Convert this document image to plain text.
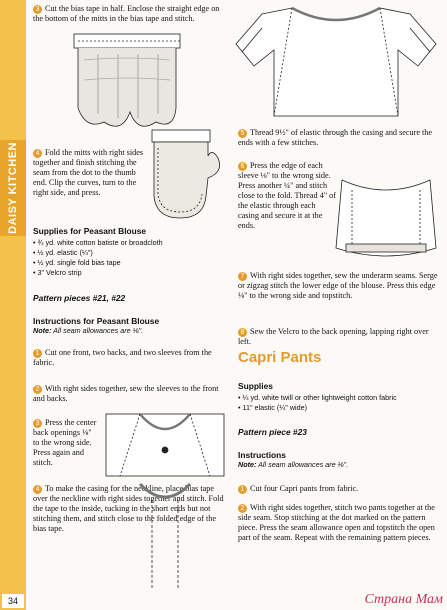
DAISY KITCHEN
34
3 Cut the bias tape in half. Enclose the straight edge on the bottom of the mitts in the bias tape and stitch.
4 Fold the mitts with right sides together and finish stitching the seam from the dot to the thumb end. Clip the curves, turn to the right side, and press.
Supplies for Peasant Blouse
• ¾ yd. white cotton batiste or broadcloth
• ½ yd. elastic (¼")
• ½ yd. single fold bias tape
• 3" Velcro strip
Pattern pieces #21, #22
Instructions for Peasant Blouse
Note: All seam allowances are ⅛".
1 Cut one front, two backs, and two sleeves from the fabric.
2 With right sides together, sew the sleeves to the front and backs.
3 Press the center back openings ⅛" to the wrong side. Press again and stitch.
4 To make the casing for the neckline, place bias tape over the neckline with right sides together and stitch. Fold the tape to the inside, tucking in the short ends but not stitching them, and stitch close to the folded edge of the bias tape.
5 Thread 9½" of elastic through the casing and secure the ends with a few stitches.
6 Press the edge of each sleeve ⅛" to the wrong side. Press another ¼" and stitch close to the fold. Thread 4" of the elastic through each casing and secure it at the ends.
7 With right sides together, sew the underarm seams. Serge or zigzag stitch the lower edge of the blouse. Press this edge ⅛" to the wrong side and topstitch.
8 Sew the Velcro to the back opening, lapping right over left.
Capri Pants
Supplies
• ¼ yd. white twill or other lightweight cotton fabric
• 11" elastic (¼" wide)
Pattern piece #23
Instructions
Note: All seam allowances are ⅛".
1 Cut four Capri pants from fabric.
2 With right sides together, stitch two pants together at the side seam. Stop stitching at the dot marked on the pattern piece. Press the seam allowance open and topstitch the open part of the seam. Repeat with the remaining pattern pieces.
Страна Мам
